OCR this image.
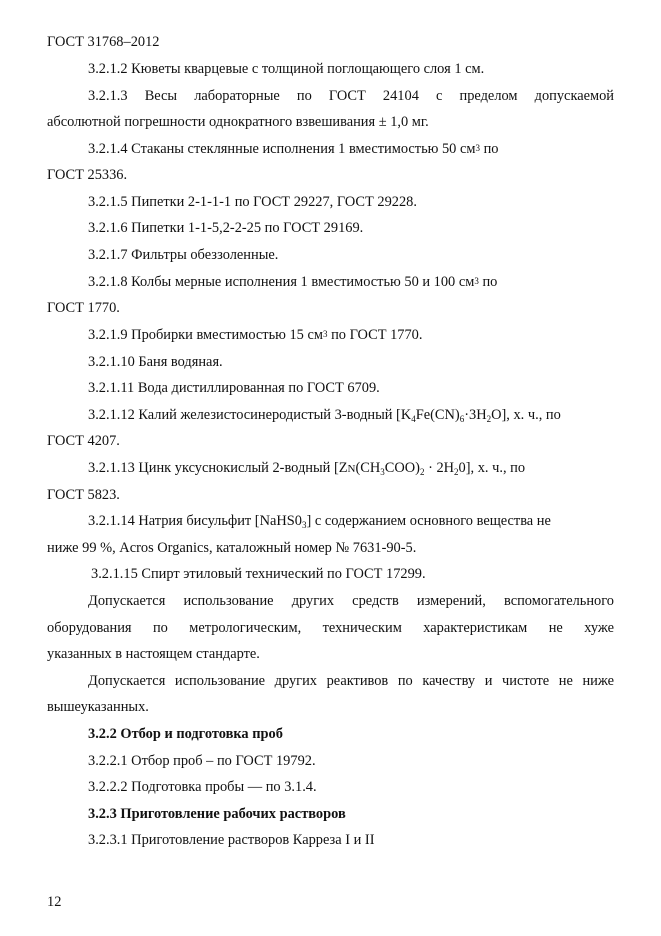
ГОСТ 31768–2012
3.2.1.2 Кюветы кварцевые с толщиной поглощающего слоя 1 см.
3.2.1.3 Весы лабораторные по ГОСТ 24104 с пределом допускаемой
абсолютной погрешности однократного взвешивания ± 1,0 мг.
3.2.1.4 Стаканы стеклянные исполнения 1 вместимостью 50 $см^3$ по
ГОСТ 25336.
3.2.1.5 Пипетки 2-1-1-1 по ГОСТ 29227, ГОСТ 29228.
3.2.1.6 Пипетки 1-1-5,2-2-25 по ГОСТ 29169.
3.2.1.7 Фильтры обеззоленные.
3.2.1.8 Колбы мерные исполнения 1 вместимостью 50 и 100 $см^3$ по
ГОСТ 1770.
3.2.1.9 Пробирки вместимостью 15 $см^3$ по ГОСТ 1770.
3.2.1.10 Баня водяная.
3.2.1.11 Вода дистиллированная по ГОСТ 6709.
3.2.1.12 Калий железистосинеродистый 3-водный $[K_4Fe(CN)_6\cdot 3H_2O]$, х. ч., по
ГОСТ 4207.
3.2.1.13 Цинк уксуснокислый 2-водный $[ZN(CH_3COO)_2 \cdot 2H_20]$, х. ч., по
ГОСТ 5823.
3.2.1.14 Натрия бисульфит $[NaHS0_3]$ с содержанием основного вещества не
ниже 99 %, Acros Organics, каталожный номер № 7631-90-5.
3.2.1.15 Спирт этиловый технический по ГОСТ 17299.
Допускается использование других средств измерений, вспомогательного
оборудования по метрологическим, техническим характеристикам не хуже
указанных в настоящем стандарте.
Допускается использование других реактивов по качеству и чистоте не ниже
вышеуказанных.
3.2.2 Отбор и подготовка проб
3.2.2.1 Отбор проб – по ГОСТ 19792.
3.2.2.2 Подготовка пробы — по 3.1.4.
3.2.3 Приготовление рабочих растворов
3.2.3.1 Приготовление растворов Карреза I и II
12
